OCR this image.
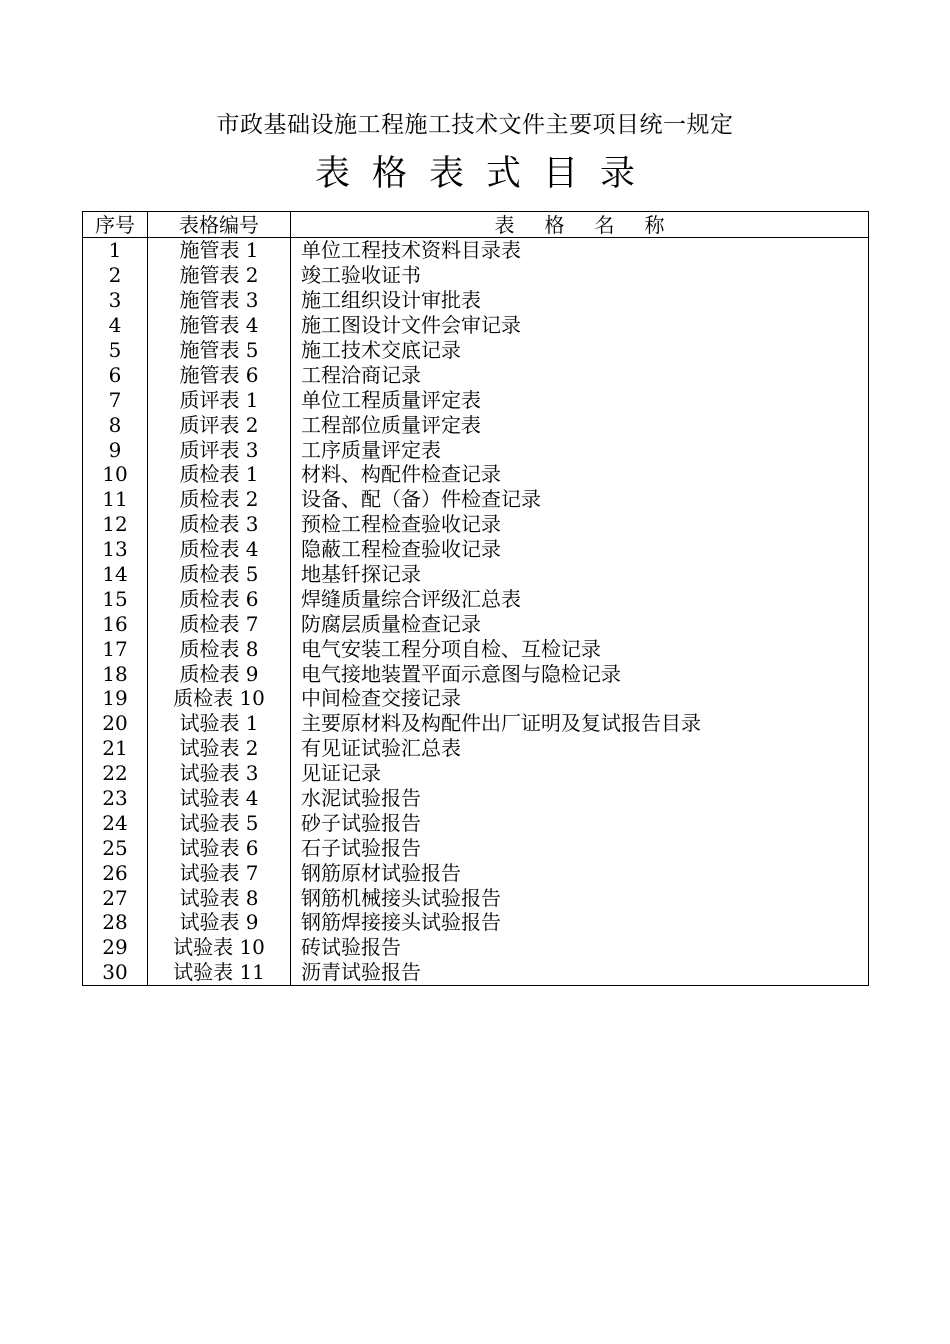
市政基础设施工程施工技术文件主要项目统一规定
表格表式目录
序号	表格编号	表格名称
1	施管表 1	单位工程技术资料目录表
2	施管表 2	竣工验收证书
3	施管表 3	施工组织设计审批表
4	施管表 4	施工图设计文件会审记录
5	施管表 5	施工技术交底记录
6	施管表 6	工程洽商记录
7	质评表 1	单位工程质量评定表
8	质评表 2	工程部位质量评定表
9	质评表 3	工序质量评定表
10	质检表 1	材料、构配件检查记录
11	质检表 2	设备、配（备）件检查记录
12	质检表 3	预检工程检查验收记录
13	质检表 4	隐蔽工程检查验收记录
14	质检表 5	地基钎探记录
15	质检表 6	焊缝质量综合评级汇总表
16	质检表 7	防腐层质量检查记录
17	质检表 8	电气安装工程分项自检、互检记录
18	质检表 9	电气接地装置平面示意图与隐检记录
19	质检表 10	中间检查交接记录
20	试验表 1	主要原材料及构配件出厂证明及复试报告目录
21	试验表 2	有见证试验汇总表
22	试验表 3	见证记录
23	试验表 4	水泥试验报告
24	试验表 5	砂子试验报告
25	试验表 6	石子试验报告
26	试验表 7	钢筋原材试验报告
27	试验表 8	钢筋机械接头试验报告
28	试验表 9	钢筋焊接接头试验报告
29	试验表 10	砖试验报告
30	试验表 11	沥青试验报告
